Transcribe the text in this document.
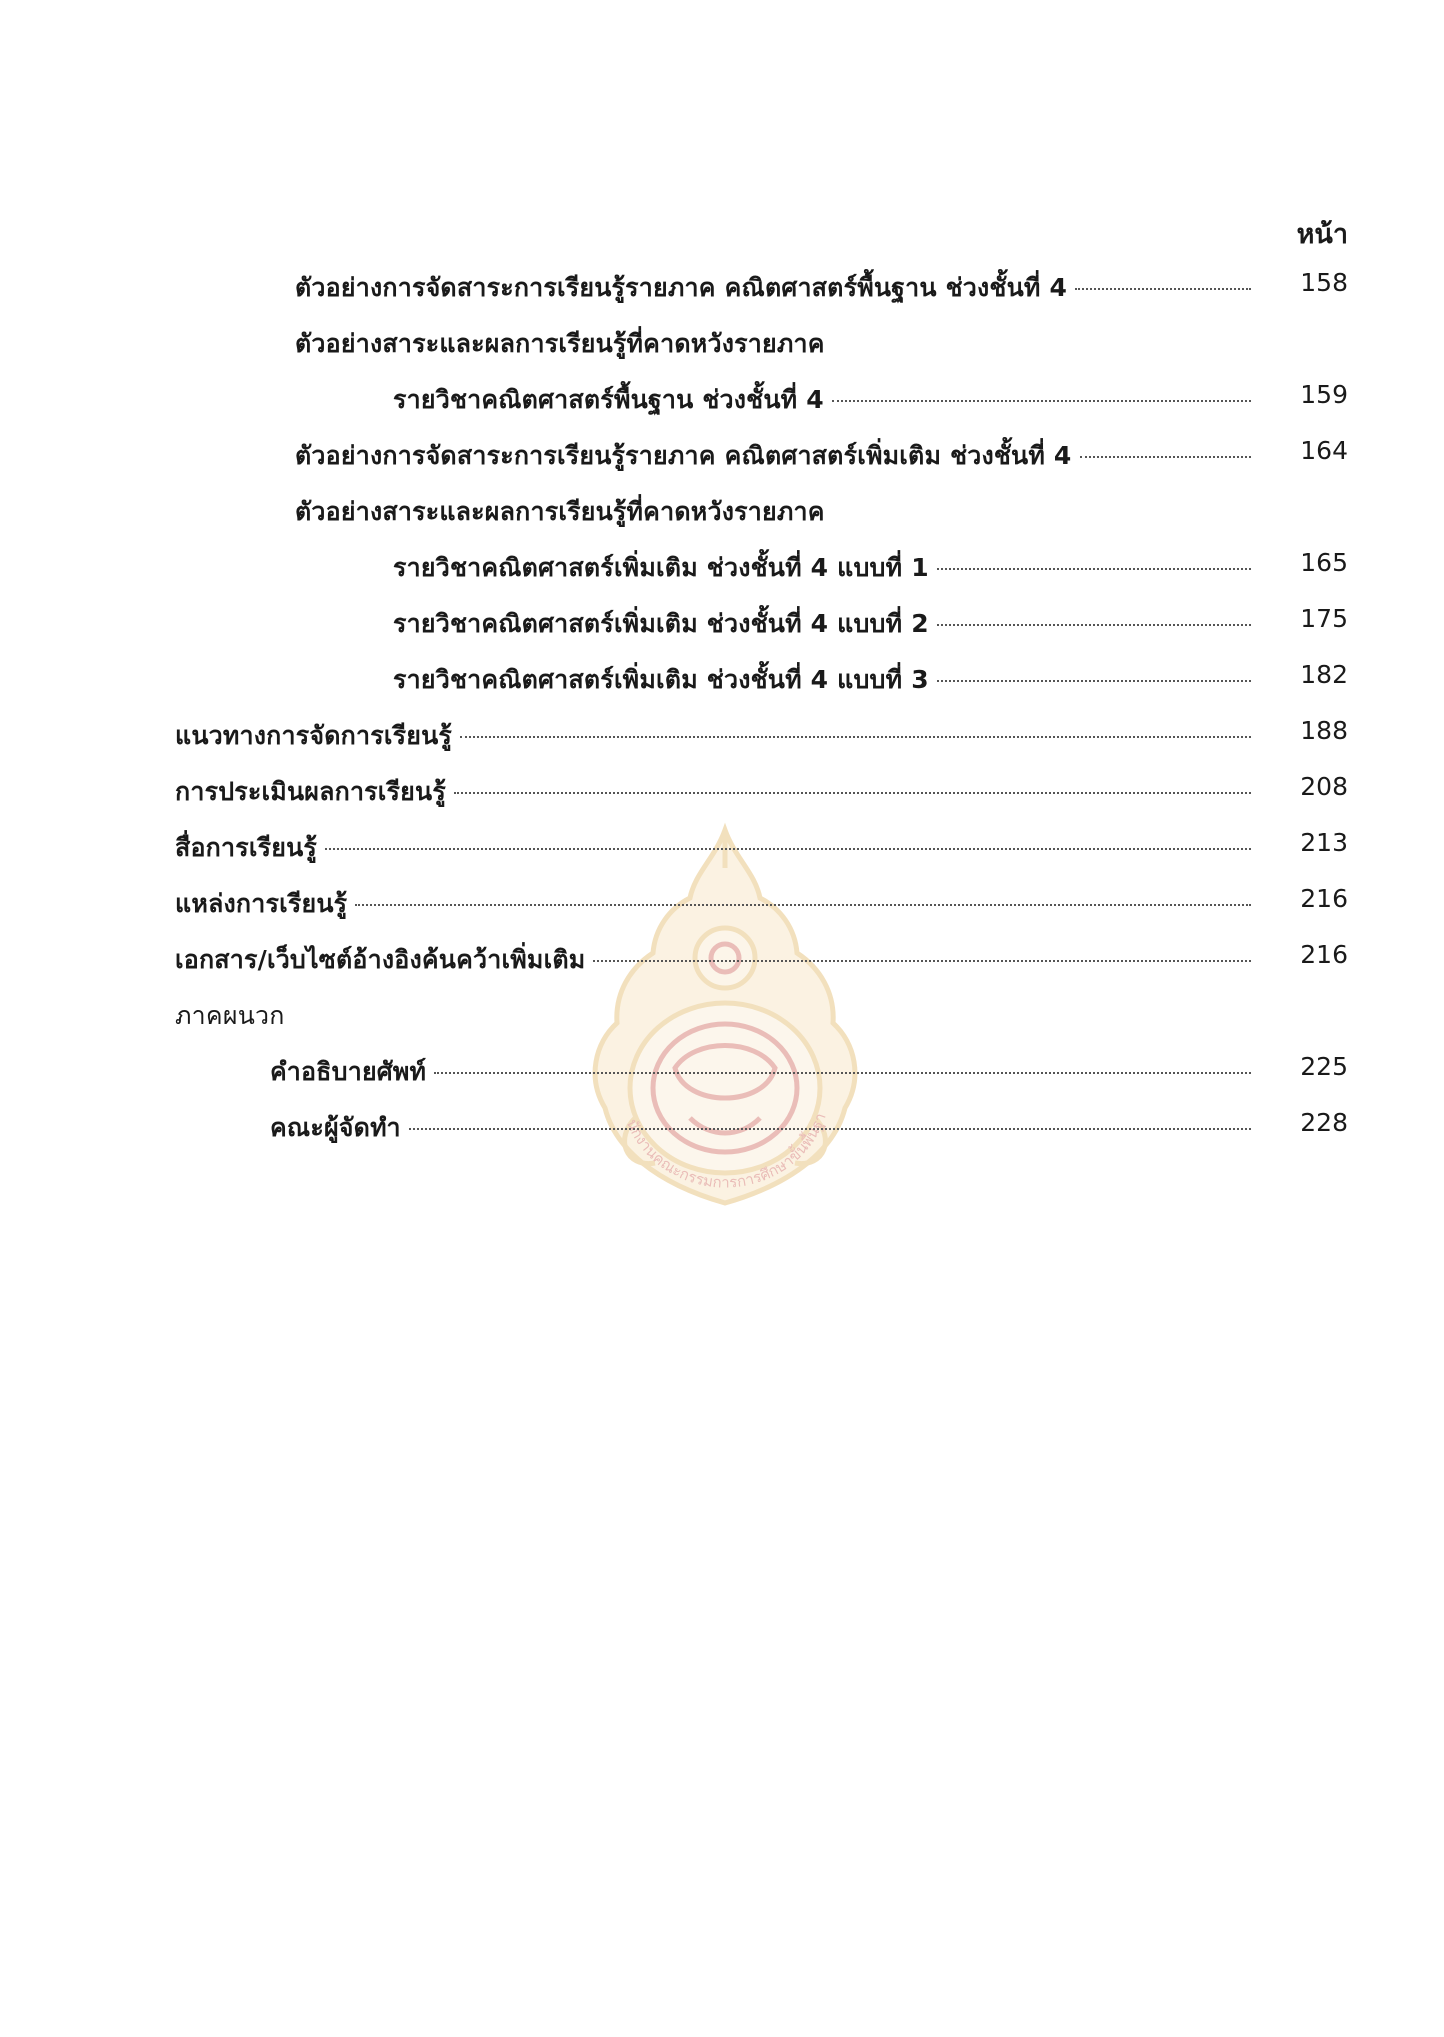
นักงานคณะกรรมการการศึกษาขั้นพื้นฐา
หน้า
ตัวอย่างการจัดสาระการเรียนรู้รายภาค คณิตศาสตร์พื้นฐาน ช่วงชั้นที่ 4	158
ตัวอย่างสาระและผลการเรียนรู้ที่คาดหวังรายภาค
รายวิชาคณิตศาสตร์พื้นฐาน ช่วงชั้นที่ 4	159
ตัวอย่างการจัดสาระการเรียนรู้รายภาค คณิตศาสตร์เพิ่มเติม ช่วงชั้นที่ 4	164
ตัวอย่างสาระและผลการเรียนรู้ที่คาดหวังรายภาค
รายวิชาคณิตศาสตร์เพิ่มเติม ช่วงชั้นที่ 4 แบบที่ 1	165
รายวิชาคณิตศาสตร์เพิ่มเติม ช่วงชั้นที่ 4 แบบที่ 2	175
รายวิชาคณิตศาสตร์เพิ่มเติม ช่วงชั้นที่ 4 แบบที่ 3	182
แนวทางการจัดการเรียนรู้	188
การประเมินผลการเรียนรู้	208
สื่อการเรียนรู้	213
แหล่งการเรียนรู้	216
เอกสาร/เว็บไซต์อ้างอิงค้นคว้าเพิ่มเติม	216
ภาคผนวก
คำอธิบายศัพท์	225
คณะผู้จัดทำ	228
